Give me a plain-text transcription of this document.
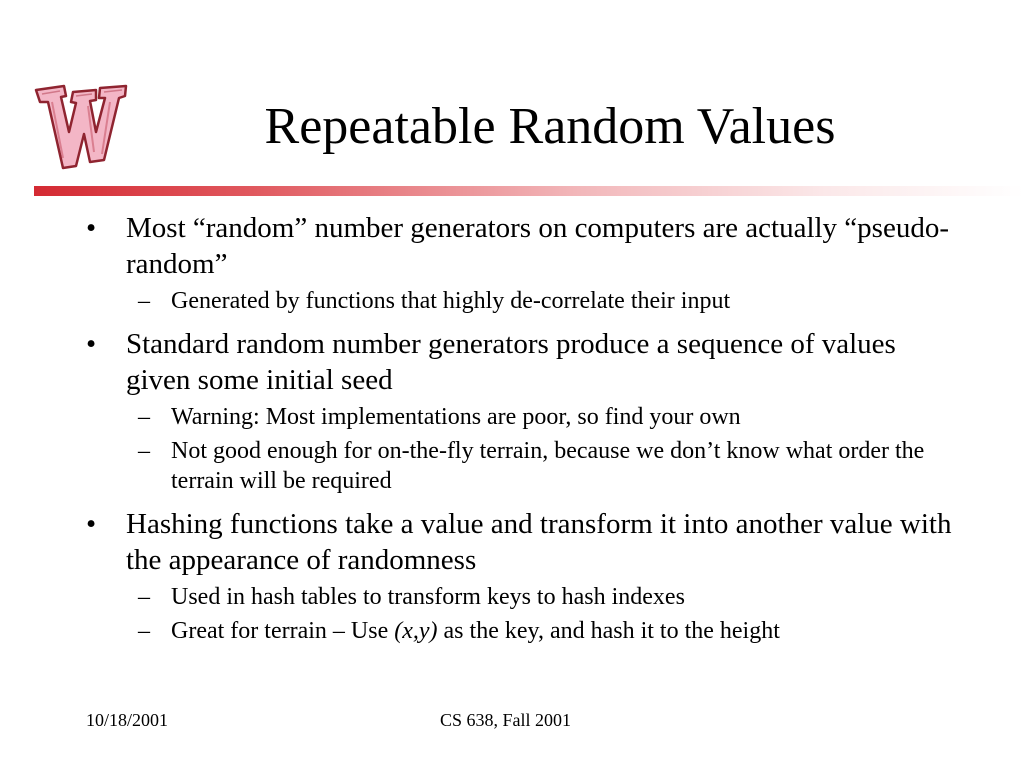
Repeatable Random Values
• Most “random” number generators on computers are actually “pseudo-random”
– Generated by functions that highly de-correlate their input
• Standard random number generators produce a sequence of values given some initial seed
– Warning: Most implementations are poor, so find your own
– Not good enough for on-the-fly terrain, because we don’t know what order the terrain will be required
• Hashing functions take a value and transform it into another value with the appearance of randomness
– Used in hash tables to transform keys to hash indexes
– Great for terrain – Use (x,y) as the key, and hash it to the height
10/18/2001	CS 638, Fall 2001
